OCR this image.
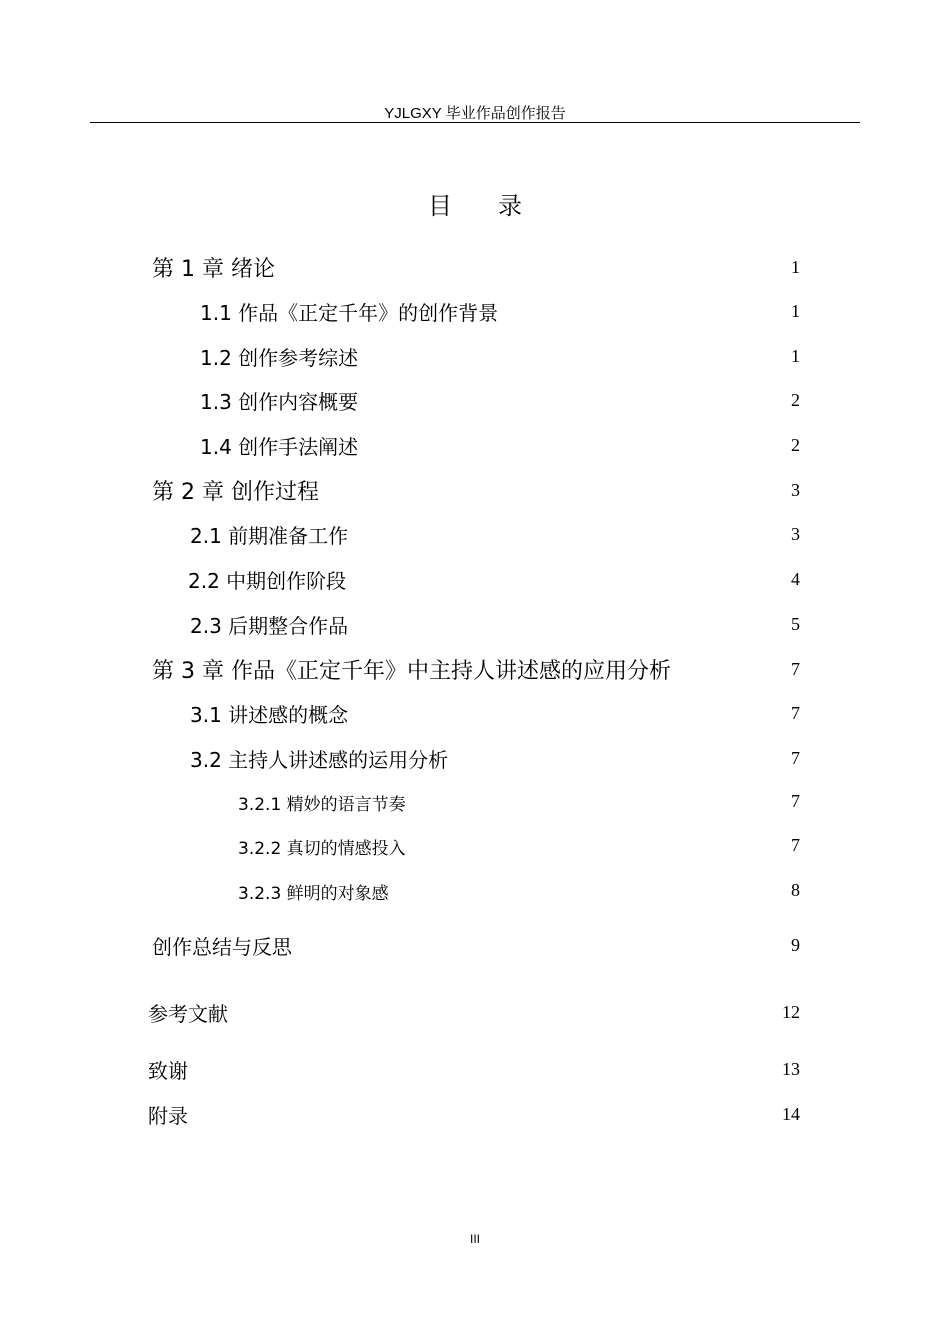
YJLGXY 毕业作品创作报告
目录
第 1 章 绪论	1
1.1 作品《正定千年》的创作背景	1
1.2 创作参考综述	1
1.3 创作内容概要	2
1.4 创作手法阐述	2
第 2 章 创作过程	3
2.1 前期准备工作	3
2.2 中期创作阶段	4
2.3 后期整合作品	5
第 3 章 作品《正定千年》中主持人讲述感的应用分析	7
3.1 讲述感的概念	7
3.2 主持人讲述感的运用分析	7
3.2.1 精妙的语言节奏	7
3.2.2 真切的情感投入	7
3.2.3 鲜明的对象感	8
创作总结与反思	9
参考文献	12
致谢	13
附录	14
III
